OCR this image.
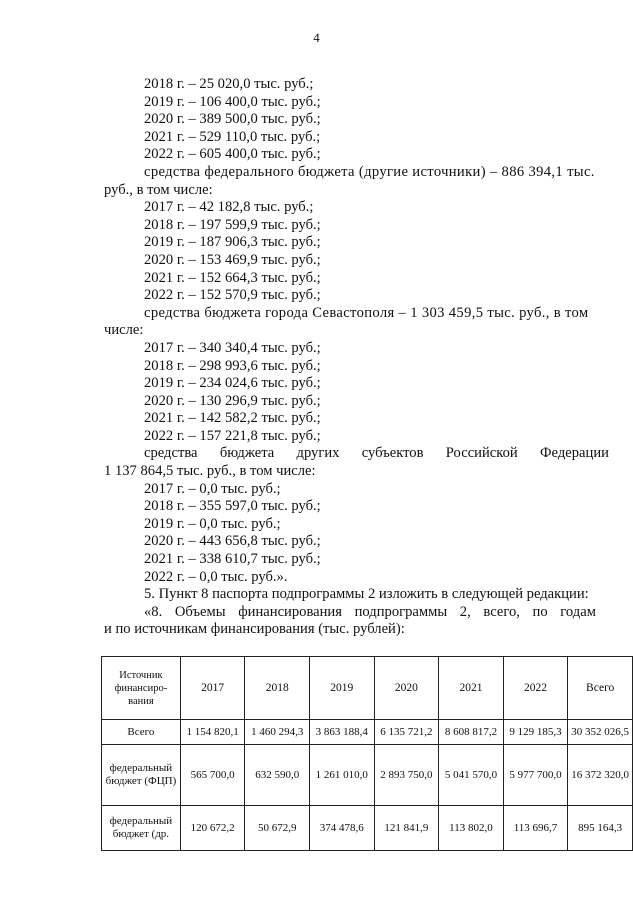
4
2018 г. – 25 020,0 тыс. руб.;
2019 г. – 106 400,0 тыс. руб.;
2020 г. – 389 500,0 тыс. руб.;
2021 г. – 529 110,0 тыс. руб.;
2022 г. – 605 400,0 тыс. руб.;
средства федерального бюджета (другие источники) – 886 394,1 тыс.
руб., в том числе:
2017 г. – 42 182,8 тыс. руб.;
2018 г. – 197 599,9 тыс. руб.;
2019 г. – 187 906,3 тыс. руб.;
2020 г. – 153 469,9 тыс. руб.;
2021 г. – 152 664,3 тыс. руб.;
2022 г. – 152 570,9 тыс. руб.;
средства бюджета города Севастополя – 1 303 459,5 тыс. руб., в том
числе:
2017 г. – 340 340,4 тыс. руб.;
2018 г. – 298 993,6 тыс. руб.;
2019 г. – 234 024,6 тыс. руб.;
2020 г. – 130 296,9 тыс. руб.;
2021 г. – 142 582,2 тыс. руб.;
2022 г. – 157 221,8 тыс. руб.;
средства бюджета других субъектов Российской Федерации
1 137 864,5 тыс. руб., в том числе:
2017 г. – 0,0 тыс. руб.;
2018 г. – 355 597,0 тыс. руб.;
2019 г. – 0,0 тыс. руб.;
2020 г. – 443 656,8 тыс. руб.;
2021 г. – 338 610,7 тыс. руб.;
2022 г. – 0,0 тыс. руб.».
5. Пункт 8 паспорта подпрограммы 2 изложить в следующей редакции:
«8. Объемы финансирования подпрограммы 2, всего, по годам
и по источникам финансирования (тыс. рублей):
Источник финансиро-вания	2017	2018	2019	2020	2021	2022	Всего
Всего	1 154 820,1	1 460 294,3	3 863 188,4	6 135 721,2	8 608 817,2	9 129 185,3	30 352 026,5
федеральный бюджет (ФЦП)	565 700,0	632 590,0	1 261 010,0	2 893 750,0	5 041 570,0	5 977 700,0	16 372 320,0
федеральный бюджет (др.	120 672,2	50 672,9	374 478,6	121 841,9	113 802,0	113 696,7	895 164,3
